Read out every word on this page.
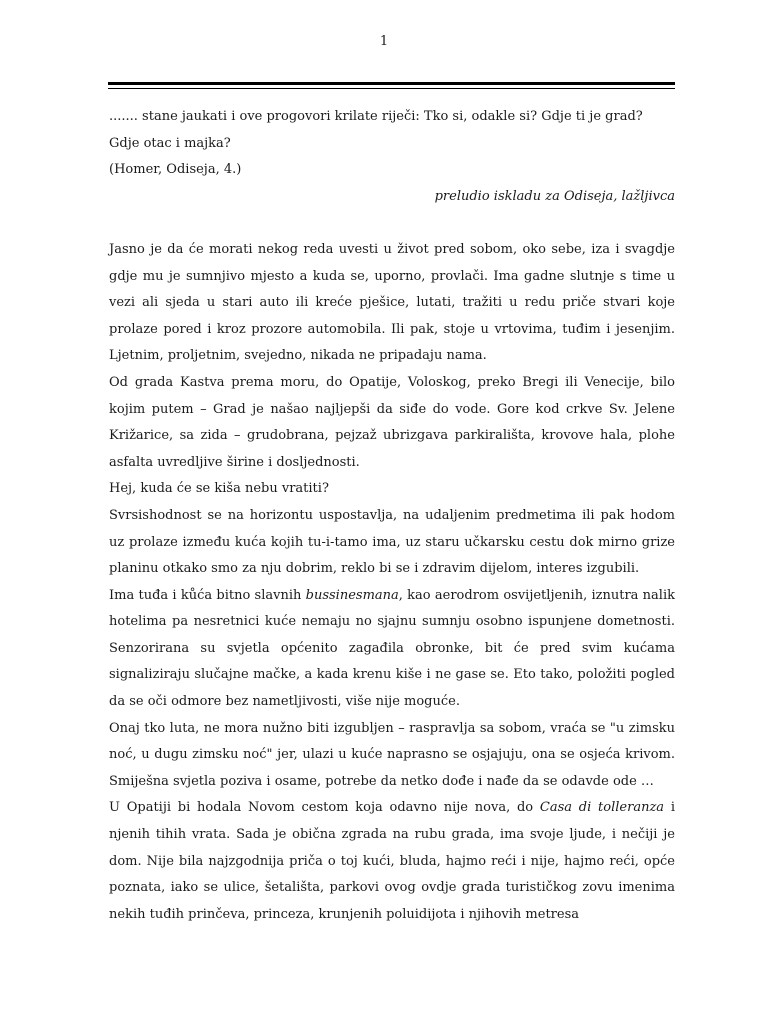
1

....... stane jaukati i ove progovori krilate riječi: Tko si, odakle si? Gdje ti je grad? Gdje otac i majka?

(Homer, Odiseja, 4.)

preludio iskladu za Odiseja, lažljivca

Jasno je da će morati nekog reda uvesti u život pred sobom, oko sebe, iza i svagdje gdje mu je sumnjivo mjesto a kuda se, uporno, provlači. Ima gadne slutnje s time u vezi ali sjeda u stari auto ili kreće pješice, lutati, tražiti u redu priče stvari koje prolaze pored i kroz prozore automobila. Ili pak, stoje u vrtovima, tuđim i jesenjim. Ljetnim, proljetnim, svejedno, nikada ne pripadaju nama.

Od grada Kastva prema moru, do Opatije, Voloskog, preko Bregi ili Venecije, bilo kojim putem – Grad je našao najljepši da siđe do vode. Gore kod crkve Sv. Jelene Križarice, sa zida – grudobrana, pejzaž ubrizgava parkirališta, krovove hala, plohe asfalta uvredljive širine i dosljednosti.

Hej, kuda će se kiša nebu vratiti?

Svrsishodnost se na horizontu uspostavlja, na udaljenim predmetima ili pak hodom uz prolaze između kuća kojih tu-i-tamo ima, uz staru učkarsku cestu dok mirno grize planinu otkako smo za nju dobrim, reklo bi se i zdravim dijelom, interes izgubili.

Ima tuđa i kůća bitno slavnih bussinesmana, kao aerodrom osvijetljenih, iznutra nalik hotelima pa nesretnici kuće nemaju no sjajnu sumnju osobno ispunjene dometnosti. Senzorirana su svjetla općenito zagađila obronke, bit će pred svim kućama signaliziraju slučajne mačke, a kada krenu kiše i ne gase se. Eto tako, položiti pogled da se oči odmore bez nametljivosti, više nije moguće.

Onaj tko luta, ne mora nužno biti izgubljen – raspravlja sa sobom, vraća se "u zimsku noć, u dugu zimsku noć" jer, ulazi u kuće naprasno se osjajuju, ona se osjeća krivom. Smiješna svjetla poziva i osame, potrebe da netko dođe i nađe da se odavde ode …

U Opatiji bi hodala Novom cestom koja odavno nije nova, do Casa di tolleranza i njenih tihih vrata. Sada je obična zgrada na rubu grada, ima svoje ljude, i nečiji je dom. Nije bila najzgodnija priča o toj kući, bluda, hajmo reći i nije, hajmo reći, opće poznata, iako se ulice, šetališta, parkovi ovog ovdje grada turističkog zovu imenima nekih tuđih prinčeva, princeza, krunjenih poluidijota i njihovih metresa
